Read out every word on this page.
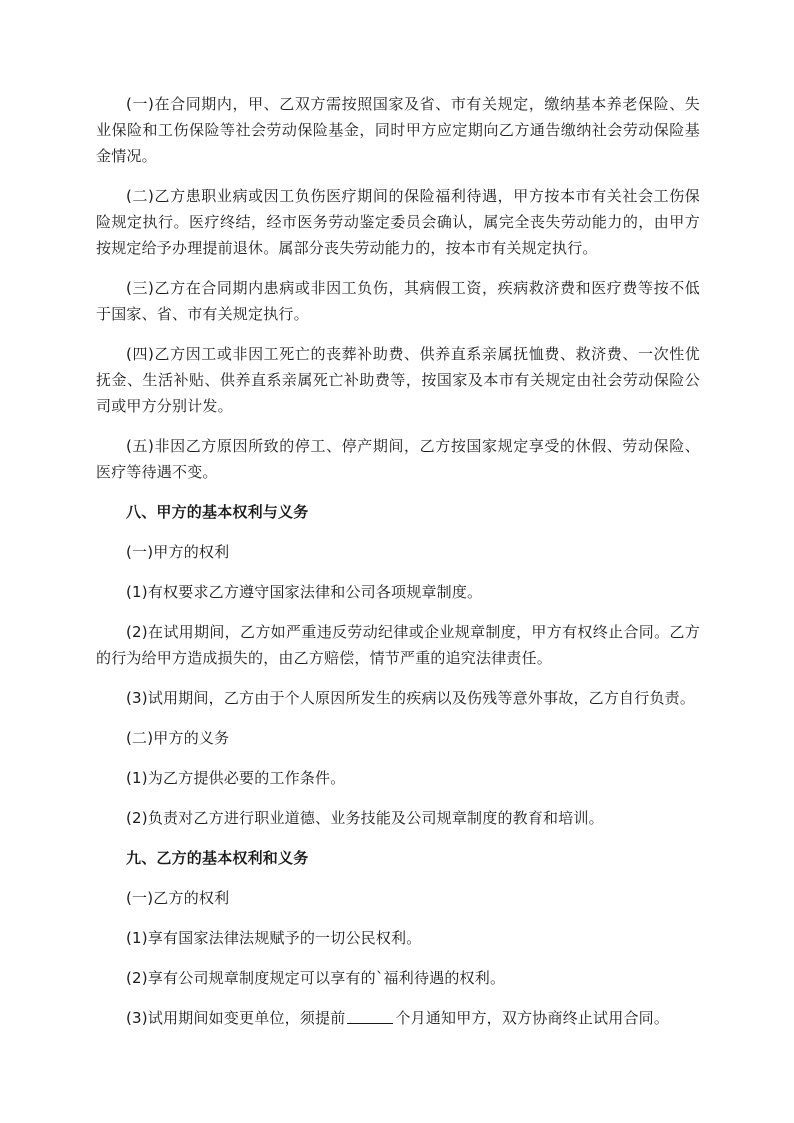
(一)在合同期内，甲、乙双方需按照国家及省、市有关规定，缴纳基本养老保险、失业保险和工伤保险等社会劳动保险基金，同时甲方应定期向乙方通告缴纳社会劳动保险基金情况。

(二)乙方患职业病或因工负伤医疗期间的保险福利待遇，甲方按本市有关社会工伤保险规定执行。医疗终结，经市医务劳动鉴定委员会确认，属完全丧失劳动能力的，由甲方按规定给予办理提前退休。属部分丧失劳动能力的，按本市有关规定执行。

(三)乙方在合同期内患病或非因工负伤，其病假工资，疾病救济费和医疗费等按不低于国家、省、市有关规定执行。

(四)乙方因工或非因工死亡的丧葬补助费、供养直系亲属抚恤费、救济费、一次性优抚金、生活补贴、供养直系亲属死亡补助费等，按国家及本市有关规定由社会劳动保险公司或甲方分别计发。

(五)非因乙方原因所致的停工、停产期间，乙方按国家规定享受的休假、劳动保险、医疗等待遇不变。

八、甲方的基本权利与义务

(一)甲方的权利

(1)有权要求乙方遵守国家法律和公司各项规章制度。

(2)在试用期间，乙方如严重违反劳动纪律或企业规章制度，甲方有权终止合同。乙方的行为给甲方造成损失的，由乙方赔偿，情节严重的追究法律责任。

(3)试用期间，乙方由于个人原因所发生的疾病以及伤残等意外事故，乙方自行负责。

(二)甲方的义务

(1)为乙方提供必要的工作条件。

(2)负责对乙方进行职业道德、业务技能及公司规章制度的教育和培训。

九、乙方的基本权利和义务

(一)乙方的权利

(1)享有国家法律法规赋予的一切公民权利。

(2)享有公司规章制度规定可以享有的`福利待遇的权利。

(3)试用期间如变更单位，须提前	个月通知甲方，双方协商终止试用合同。
